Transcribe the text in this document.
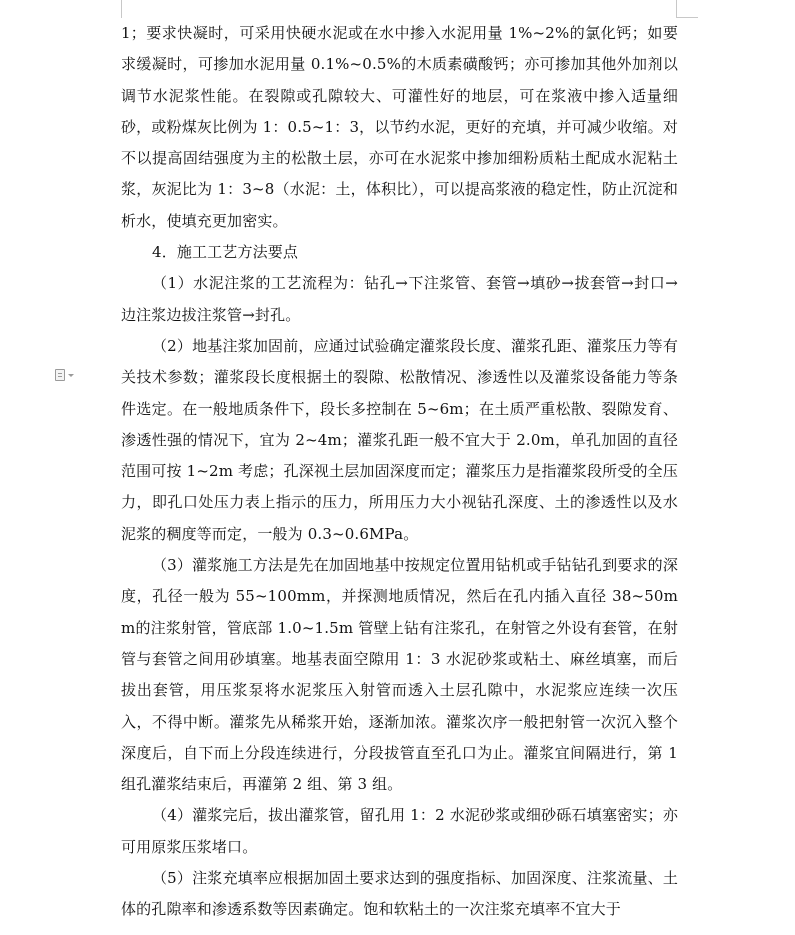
1；要求快凝时，可采用快硬水泥或在水中掺入水泥用量 1%~2%的氯化钙；如要求缓凝时，可掺加水泥用量 0.1%~0.5%的木质素磺酸钙；亦可掺加其他外加剂以调节水泥浆性能。在裂隙或孔隙较大、可灌性好的地层，可在浆液中掺入适量细砂，或粉煤灰比例为 1：0.5~1：3，以节约水泥，更好的充填，并可减少收缩。对不以提高固结强度为主的松散土层，亦可在水泥浆中掺加细粉质粘土配成水泥粘土浆，灰泥比为 1：3~8（水泥：土，体积比），可以提高浆液的稳定性，防止沉淀和析水，使填充更加密实。

4．施工工艺方法要点

（1）水泥注浆的工艺流程为：钻孔→下注浆管、套管→填砂→拔套管→封口→边注浆边拔注浆管→封孔。

（2）地基注浆加固前，应通过试验确定灌浆段长度、灌浆孔距、灌浆压力等有关技术参数；灌浆段长度根据土的裂隙、松散情况、渗透性以及灌浆设备能力等条件选定。在一般地质条件下，段长多控制在 5~6m；在土质严重松散、裂隙发育、渗透性强的情况下，宜为 2~4m；灌浆孔距一般不宜大于 2.0m，单孔加固的直径范围可按 1~2m 考虑；孔深视土层加固深度而定；灌浆压力是指灌浆段所受的全压力，即孔口处压力表上指示的压力，所用压力大小视钻孔深度、土的渗透性以及水泥浆的稠度等而定，一般为 0.3~0.6MPa。

（3）灌浆施工方法是先在加固地基中按规定位置用钻机或手钻钻孔到要求的深度，孔径一般为 55~100mm，并探测地质情况，然后在孔内插入直径 38~50mm的注浆射管，管底部 1.0~1.5m 管壁上钻有注浆孔，在射管之外设有套管，在射管与套管之间用砂填塞。地基表面空隙用 1：3 水泥砂浆或粘土、麻丝填塞，而后拔出套管，用压浆泵将水泥浆压入射管而透入土层孔隙中，水泥浆应连续一次压入，不得中断。灌浆先从稀浆开始，逐渐加浓。灌浆次序一般把射管一次沉入整个深度后，自下而上分段连续进行，分段拔管直至孔口为止。灌浆宜间隔进行，第 1 组孔灌浆结束后，再灌第 2 组、第 3 组。

（4）灌浆完后，拔出灌浆管，留孔用 1：2 水泥砂浆或细砂砾石填塞密实；亦可用原浆压浆堵口。

（5）注浆充填率应根据加固土要求达到的强度指标、加固深度、注浆流量、土体的孔隙率和渗透系数等因素确定。饱和软粘土的一次注浆充填率不宜大于
